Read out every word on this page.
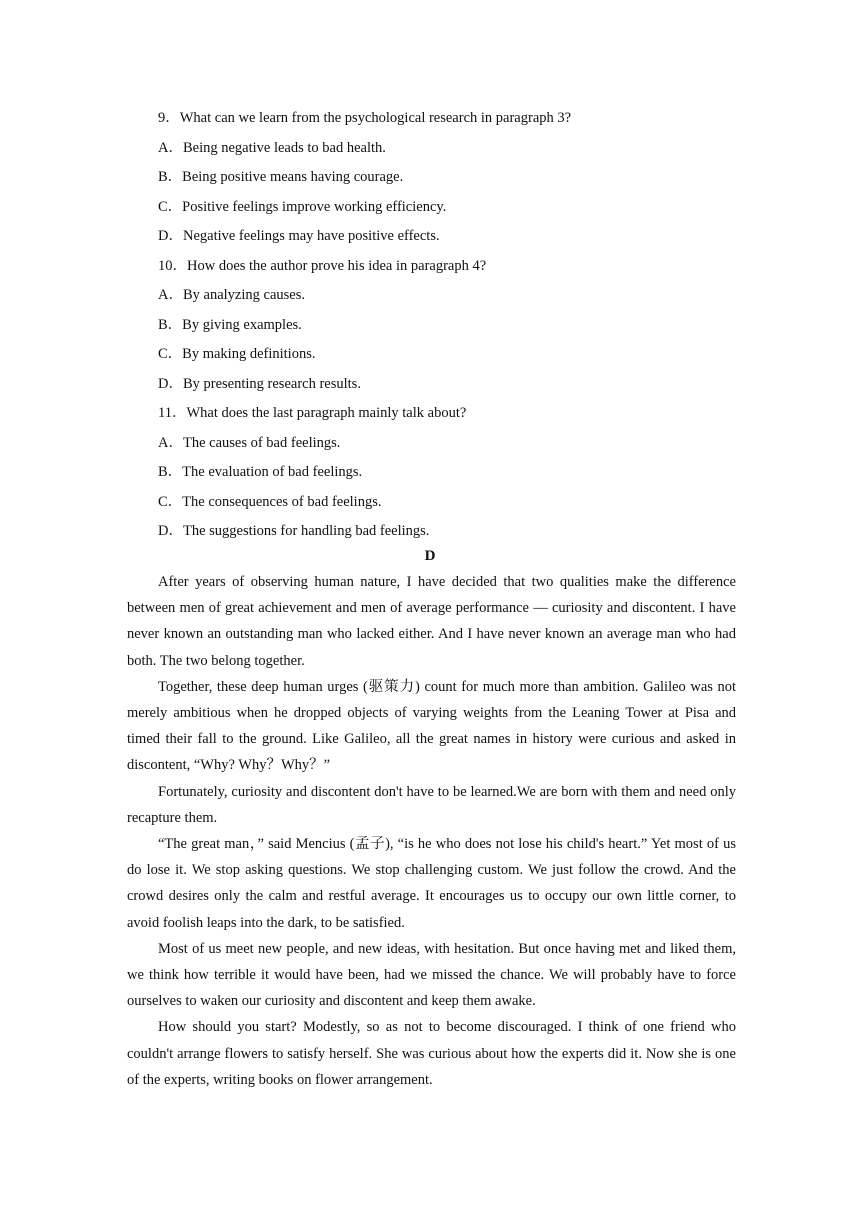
9．What can we learn from the psychological research in paragraph 3?
A．Being negative leads to bad health.
B．Being positive means having courage.
C．Positive feelings improve working efficiency.
D．Negative feelings may have positive effects.
10．How does the author prove his idea in paragraph 4?
A．By analyzing causes.
B．By giving examples.
C．By making definitions.
D．By presenting research results.
11．What does the last paragraph mainly talk about?
A．The causes of bad feelings.
B．The evaluation of bad feelings.
C．The consequences of bad feelings.
D．The suggestions for handling bad feelings.
D

After years of observing human nature, I have decided that two qualities make the difference between men of great achievement and men of average performance — curiosity and discontent. I have never known an outstanding man who lacked either. And I have never known an average man who had both. The two belong together.

Together, these deep human urges (驱策力) count for much more than ambition. Galileo was not merely ambitious when he dropped objects of varying weights from the Leaning Tower at Pisa and timed their fall to the ground. Like Galileo, all the great names in history were curious and asked in discontent, “Why? Why？Why？”

Fortunately, curiosity and discontent don't have to be learned.We are born with them and need only recapture them.

“The great man，” said Mencius (孟子), “is he who does not lose his child's heart.” Yet most of us do lose it. We stop asking questions. We stop challenging custom. We just follow the crowd. And the crowd desires only the calm and restful average. It encourages us to occupy our own little corner, to avoid foolish leaps into the dark, to be satisfied.

Most of us meet new people, and new ideas, with hesitation. But once having met and liked them, we think how terrible it would have been, had we missed the chance. We will probably have to force ourselves to waken our curiosity and discontent and keep them awake.

How should you start? Modestly, so as not to become discouraged. I think of one friend who couldn't arrange flowers to satisfy herself. She was curious about how the experts did it. Now she is one of the experts, writing books on flower arrangement.
